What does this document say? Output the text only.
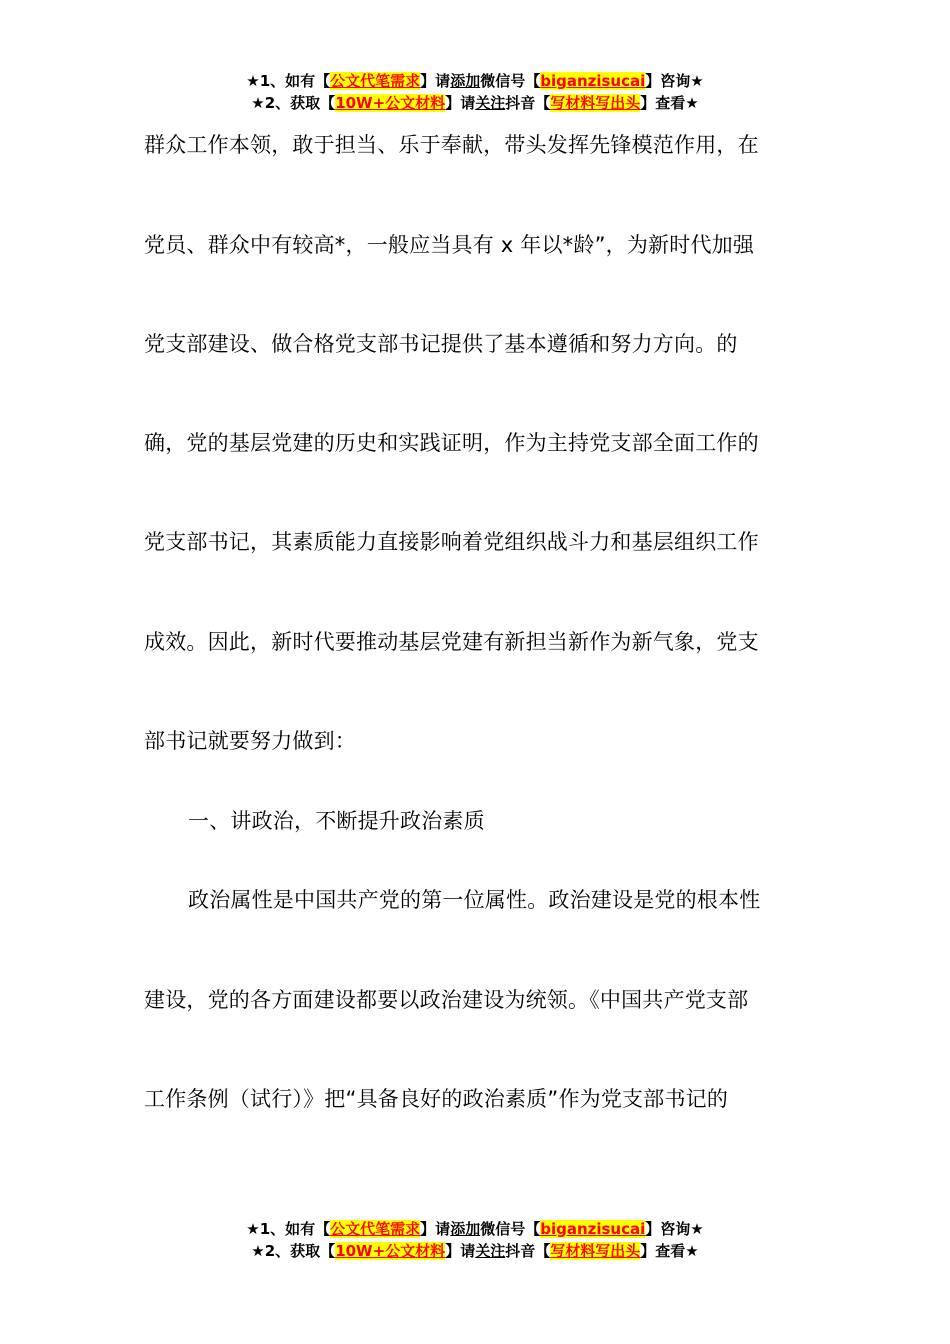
★1、如有【公文代笔需求】请添加微信号【biganzisucai】咨询★
★2、获取【10W+公文材料】请关注抖音【写材料写出头】查看★
群众工作本领，敢于担当、乐于奉献，带头发挥先锋模范作用，在
党员、群众中有较高*，一般应当具有 x 年以*龄”，为新时代加强
党支部建设、做合格党支部书记提供了基本遵循和努力方向。的
确，党的基层党建的历史和实践证明，作为主持党支部全面工作的
党支部书记，其素质能力直接影响着党组织战斗力和基层组织工作
成效。因此，新时代要推动基层党建有新担当新作为新气象，党支
部书记就要努力做到：
一、讲政治，不断提升政治素质
政治属性是中国共产党的第一位属性。政治建设是党的根本性
建设，党的各方面建设都要以政治建设为统领。《中国共产党支部
工作条例（试行）》把“具备良好的政治素质”作为党支部书记的
★1、如有【公文代笔需求】请添加微信号【biganzisucai】咨询★
★2、获取【10W+公文材料】请关注抖音【写材料写出头】查看★
